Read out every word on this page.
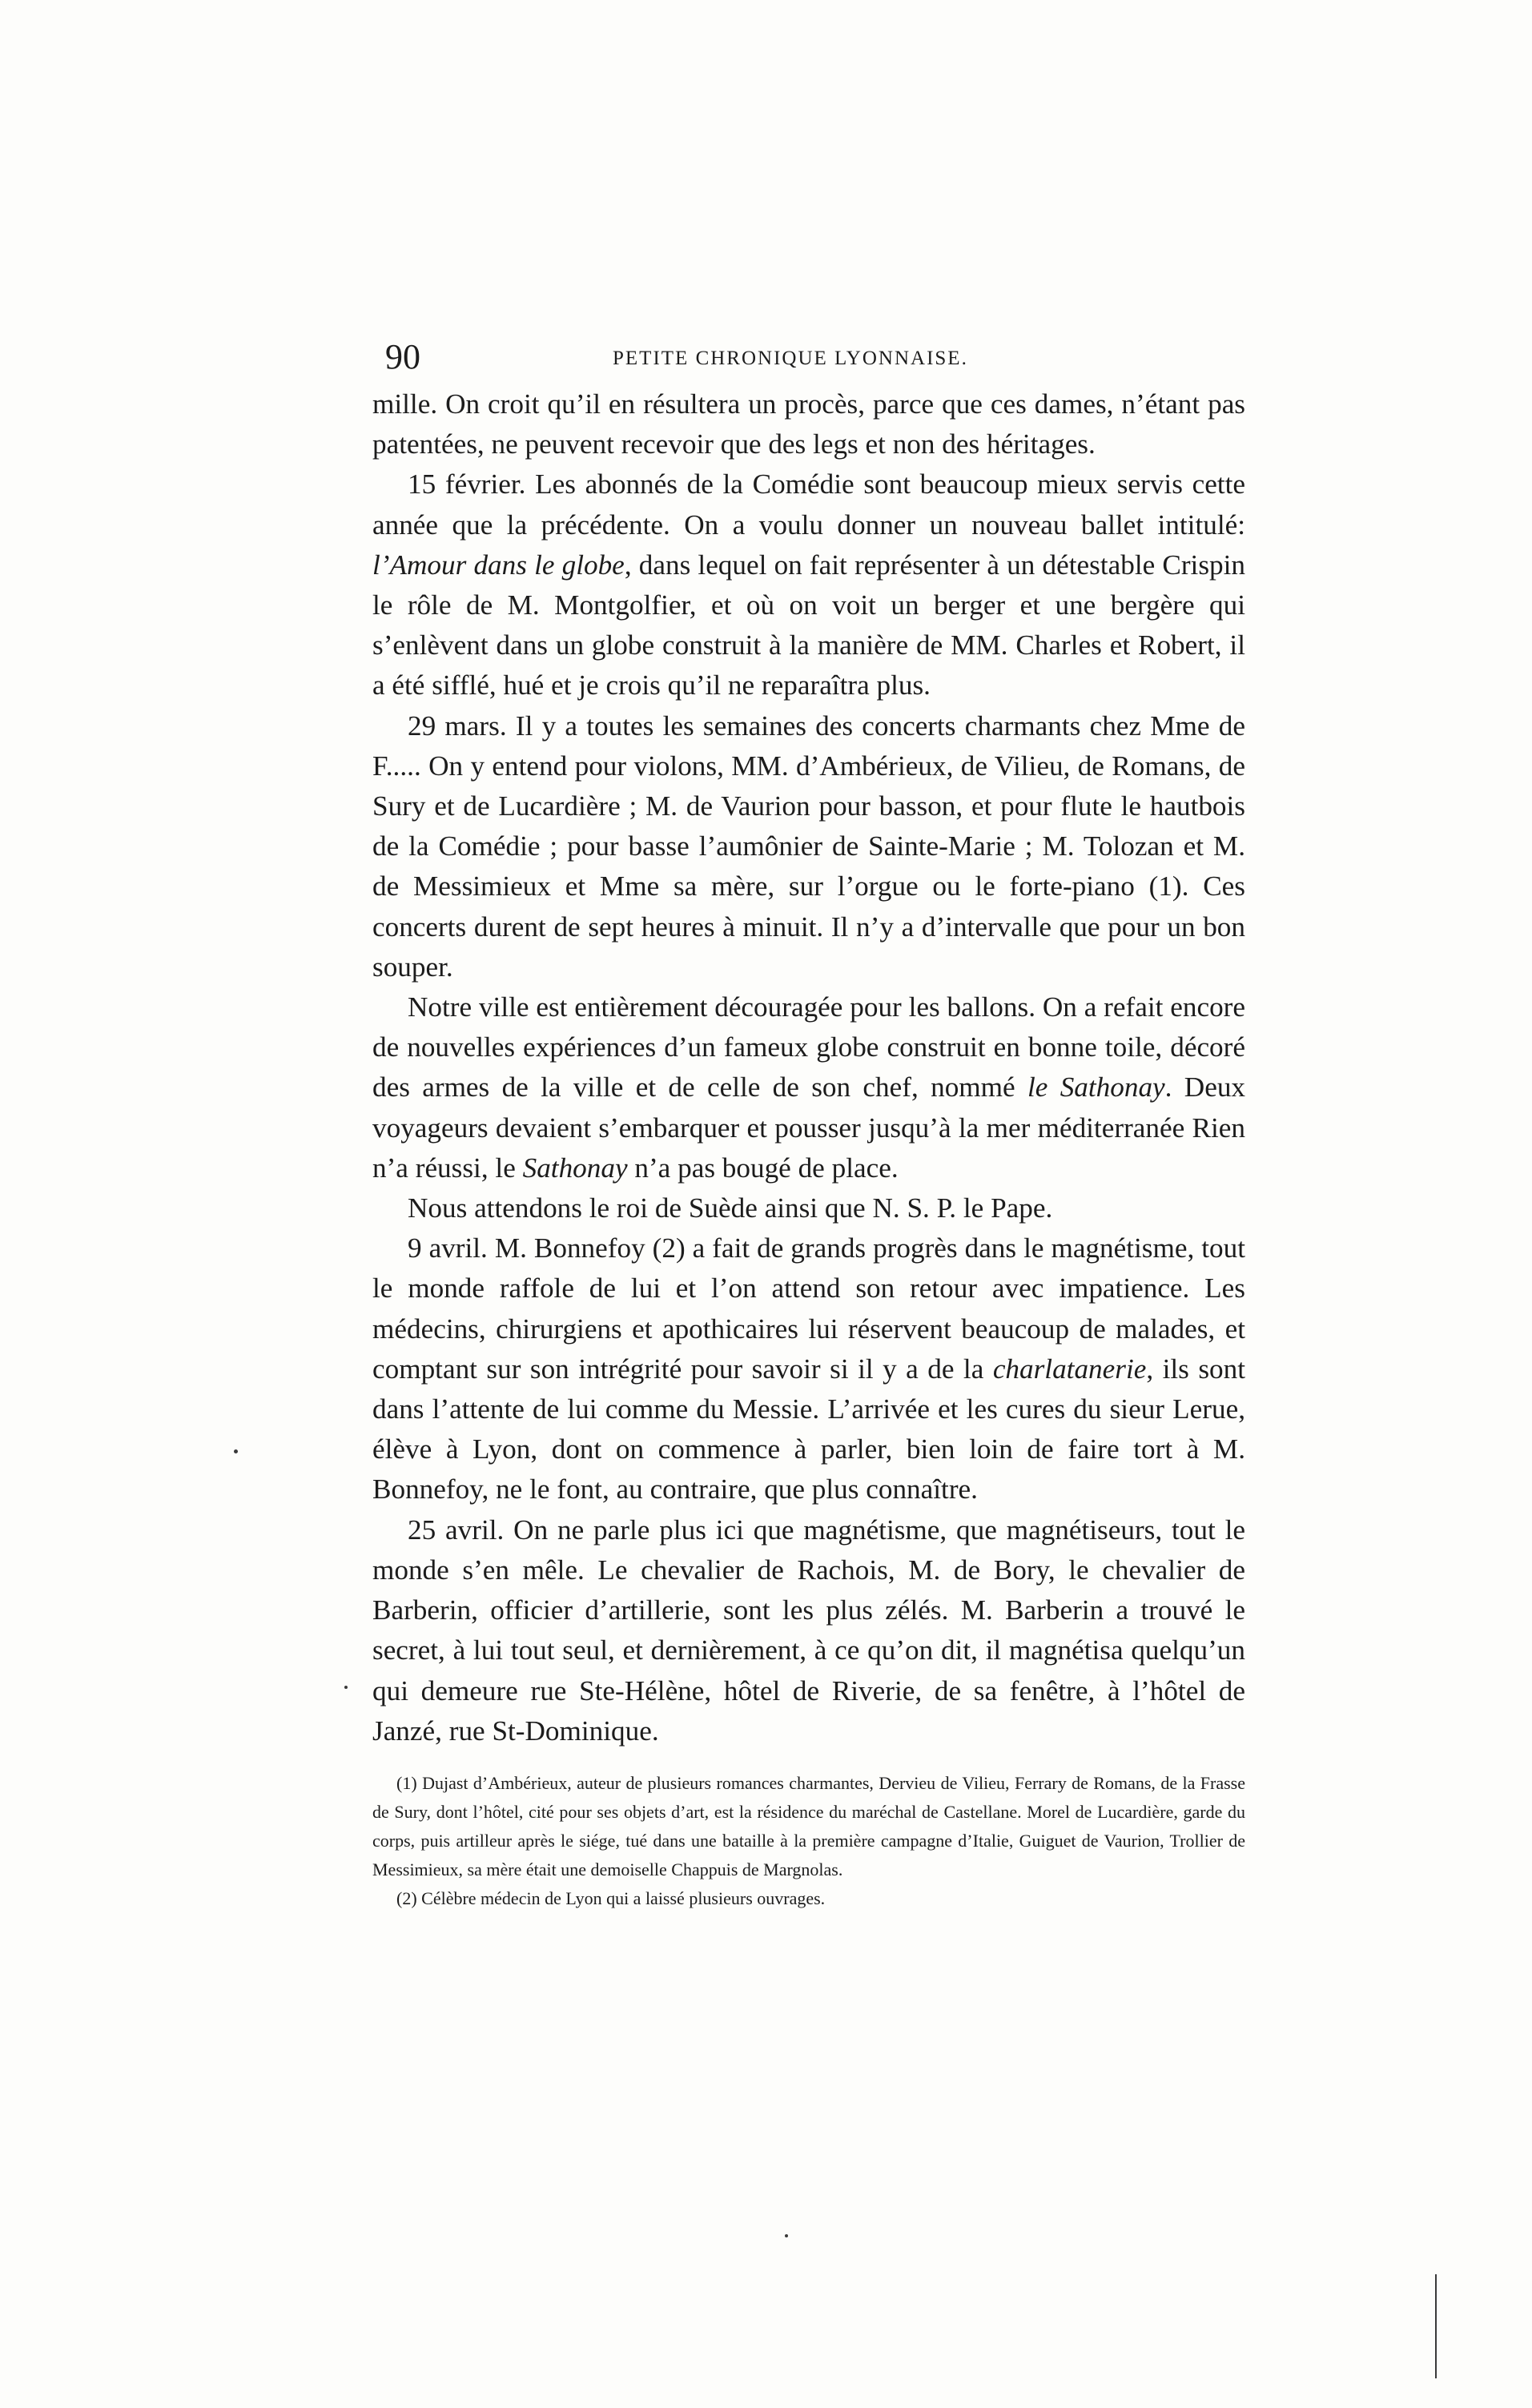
90	PETITE CHRONIQUE LYONNAISE.

mille. On croit qu’il en résultera un procès, parce que ces dames, n’étant pas patentées, ne peuvent recevoir que des legs et non des héritages.

15 février. Les abonnés de la Comédie sont beaucoup mieux servis cette année que la précédente. On a voulu donner un nouveau ballet intitulé: l’Amour dans le globe, dans lequel on fait représenter à un détestable Crispin le rôle de M. Montgolfier, et où on voit un berger et une bergère qui s’enlèvent dans un globe construit à la manière de MM. Charles et Robert, il a été sifflé, hué et je crois qu’il ne reparaîtra plus.

29 mars. Il y a toutes les semaines des concerts charmants chez Mme de F..... On y entend pour violons, MM. d’Ambérieux, de Vilieu, de Romans, de Sury et de Lucardière ; M. de Vaurion pour basson, et pour flute le hautbois de la Comédie ; pour basse l’aumônier de Sainte-Marie ; M. Tolozan et M. de Messimieux et Mme sa mère, sur l’orgue ou le forte-piano (1). Ces concerts durent de sept heures à minuit. Il n’y a d’intervalle que pour un bon souper.

Notre ville est entièrement découragée pour les ballons. On a refait encore de nouvelles expériences d’un fameux globe construit en bonne toile, décoré des armes de la ville et de celle de son chef, nommé le Sathonay. Deux voyageurs devaient s’embarquer et pousser jusqu’à la mer méditerranée Rien n’a réussi, le Sathonay n’a pas bougé de place.

Nous attendons le roi de Suède ainsi que N. S. P. le Pape.

9 avril. M. Bonnefoy (2) a fait de grands progrès dans le magnétisme, tout le monde raffole de lui et l’on attend son retour avec impatience. Les médecins, chirurgiens et apothicaires lui réservent beaucoup de malades, et comptant sur son intrégrité pour savoir si il y a de la charlatanerie, ils sont dans l’attente de lui comme du Messie. L’arrivée et les cures du sieur Lerue, élève à Lyon, dont on commence à parler, bien loin de faire tort à M. Bonnefoy, ne le font, au contraire, que plus connaître.

25 avril. On ne parle plus ici que magnétisme, que magnétiseurs, tout le monde s’en mêle. Le chevalier de Rachois, M. de Bory, le chevalier de Barberin, officier d’artillerie, sont les plus zélés. M. Barberin a trouvé le secret, à lui tout seul, et dernièrement, à ce qu’on dit, il magnétisa quelqu’un qui demeure rue Ste-Hélène, hôtel de Riverie, de sa fenêtre, à l’hôtel de Janzé, rue St-Dominique.

(1) Dujast d’Ambérieux, auteur de plusieurs romances charmantes, Dervieu de Vilieu, Ferrary de Romans, de la Frasse de Sury, dont l’hôtel, cité pour ses objets d’art, est la résidence du maréchal de Castellane. Morel de Lucardière, garde du corps, puis artilleur après le siége, tué dans une bataille à la première campagne d’Italie, Guiguet de Vaurion, Trollier de Messimieux, sa mère était une demoiselle Chappuis de Margnolas.

(2) Célèbre médecin de Lyon qui a laissé plusieurs ouvrages.
